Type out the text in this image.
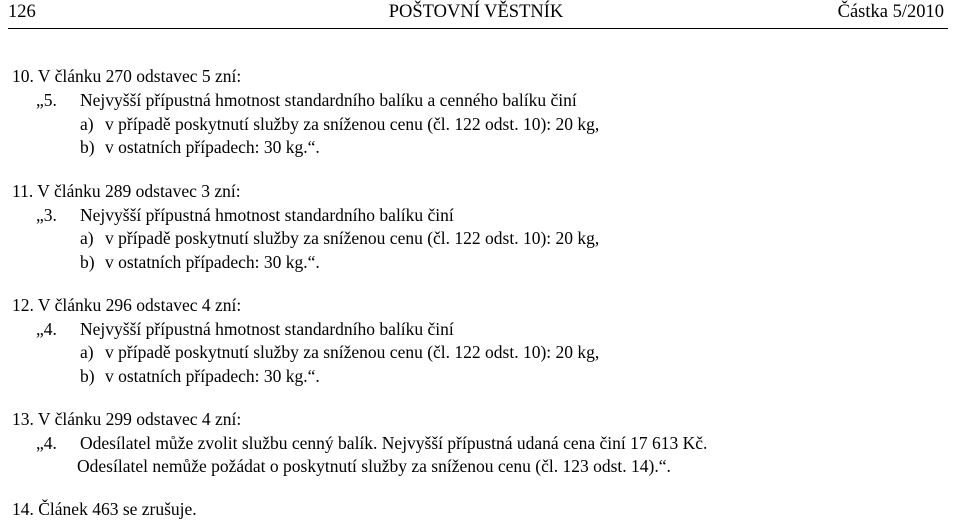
126	POŠTOVNÍ VĚSTNÍK	Částka 5/2010
10. V článku 270 odstavec 5 zní:
„5. Nejvyšší přípustná hmotnost standardního balíku a cenného balíku činí
a) v případě poskytnutí služby za sníženou cenu (čl. 122 odst. 10): 20 kg,
b) v ostatních případech: 30 kg.“.
11. V článku 289 odstavec 3 zní:
„3. Nejvyšší přípustná hmotnost standardního balíku činí
a) v případě poskytnutí služby za sníženou cenu (čl. 122 odst. 10): 20 kg,
b) v ostatních případech: 30 kg.“.
12. V článku 296 odstavec 4 zní:
„4. Nejvyšší přípustná hmotnost standardního balíku činí
a) v případě poskytnutí služby za sníženou cenu (čl. 122 odst. 10): 20 kg,
b) v ostatních případech: 30 kg.“.
13. V článku 299 odstavec 4 zní:
„4. Odesílatel může zvolit službu cenný balík. Nejvyšší přípustná udaná cena činí 17 613 Kč.
Odesílatel nemůže požádat o poskytnutí služby za sníženou cenu (čl. 123 odst. 14).“.
14. Článek 463 se zrušuje.
